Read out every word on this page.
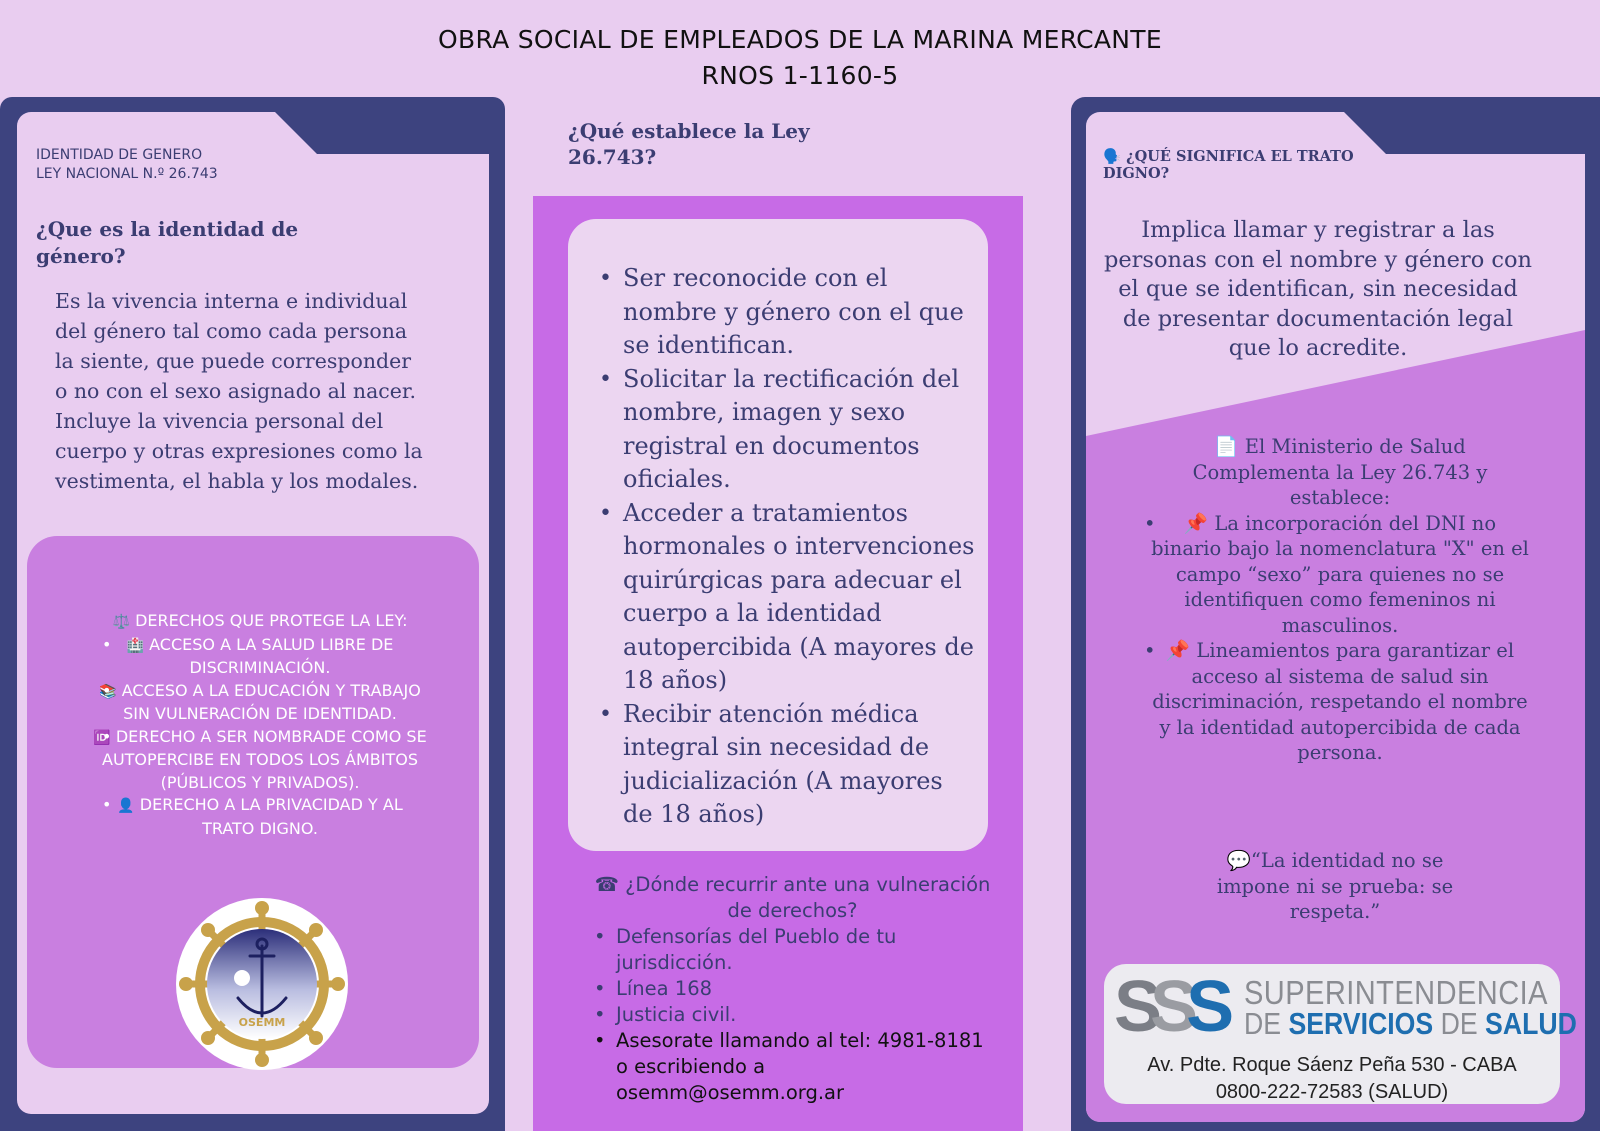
OBRA SOCIAL DE EMPLEADOS DE LA MARINA MERCANTE
RNOS 1-1160-5
IDENTIDAD DE GENERO
LEY NACIONAL N.º 26.743
¿Que es la identidad de género?
Es la vivencia interna e individual del género tal como cada persona la siente, que puede corresponder o no con el sexo asignado al nacer. Incluye la vivencia personal del cuerpo y otras expresiones como la vestimenta, el habla y los modales.
⚖️ DERECHOS QUE PROTEGE LA LEY:
• 🏥 ACCESO A LA SALUD LIBRE DE DISCRIMINACIÓN.
• 📚 ACCESO A LA EDUCACIÓN Y TRABAJO SIN VULNERACIÓN DE IDENTIDAD.
• 🆔 DERECHO A SER NOMBRADE COMO SE AUTOPERCIBE EN TODOS LOS ÁMBITOS (PÚBLICOS Y PRIVADOS).
• 👤 DERECHO A LA PRIVACIDAD Y AL TRATO DIGNO.
OSEMM
¿Qué establece la Ley 26.743?
• Ser reconocide con el nombre y género con el que se identifican.
• Solicitar la rectificación del nombre, imagen y sexo registral en documentos oficiales.
• Acceder a tratamientos hormonales o intervenciones quirúrgicas para adecuar el cuerpo a la identidad autopercibida (A mayores de 18 años)
• Recibir atención médica integral sin necesidad de judicialización (A mayores de 18 años)
☎ ¿Dónde recurrir ante una vulneración de derechos?
• Defensorías del Pueblo de tu jurisdicción.
• Línea 168
• Justicia civil.
• Asesorate llamando al tel: 4981-8181 o escribiendo a osemm@osemm.org.ar
🗣️ ¿QUÉ SIGNIFICA EL TRATO DIGNO?
Implica llamar y registrar a las personas con el nombre y género con el que se identifican, sin necesidad de presentar documentación legal que lo acredite.
📄 El Ministerio de Salud Complementa la Ley 26.743 y establece:
• 📌 La incorporación del DNI no binario bajo la nomenclatura "X" en el campo “sexo” para quienes no se identifiquen como femeninos ni masculinos.
• 📌 Lineamientos para garantizar el acceso al sistema de salud sin discriminación, respetando el nombre y la identidad autopercibida de cada persona.
💬“La identidad no se impone ni se prueba: se respeta.”
SSS SUPERINTENDENCIA
DE SERVICIOS DE SALUD
Av. Pdte. Roque Sáenz Peña 530 - CABA
0800-222-72583 (SALUD)
